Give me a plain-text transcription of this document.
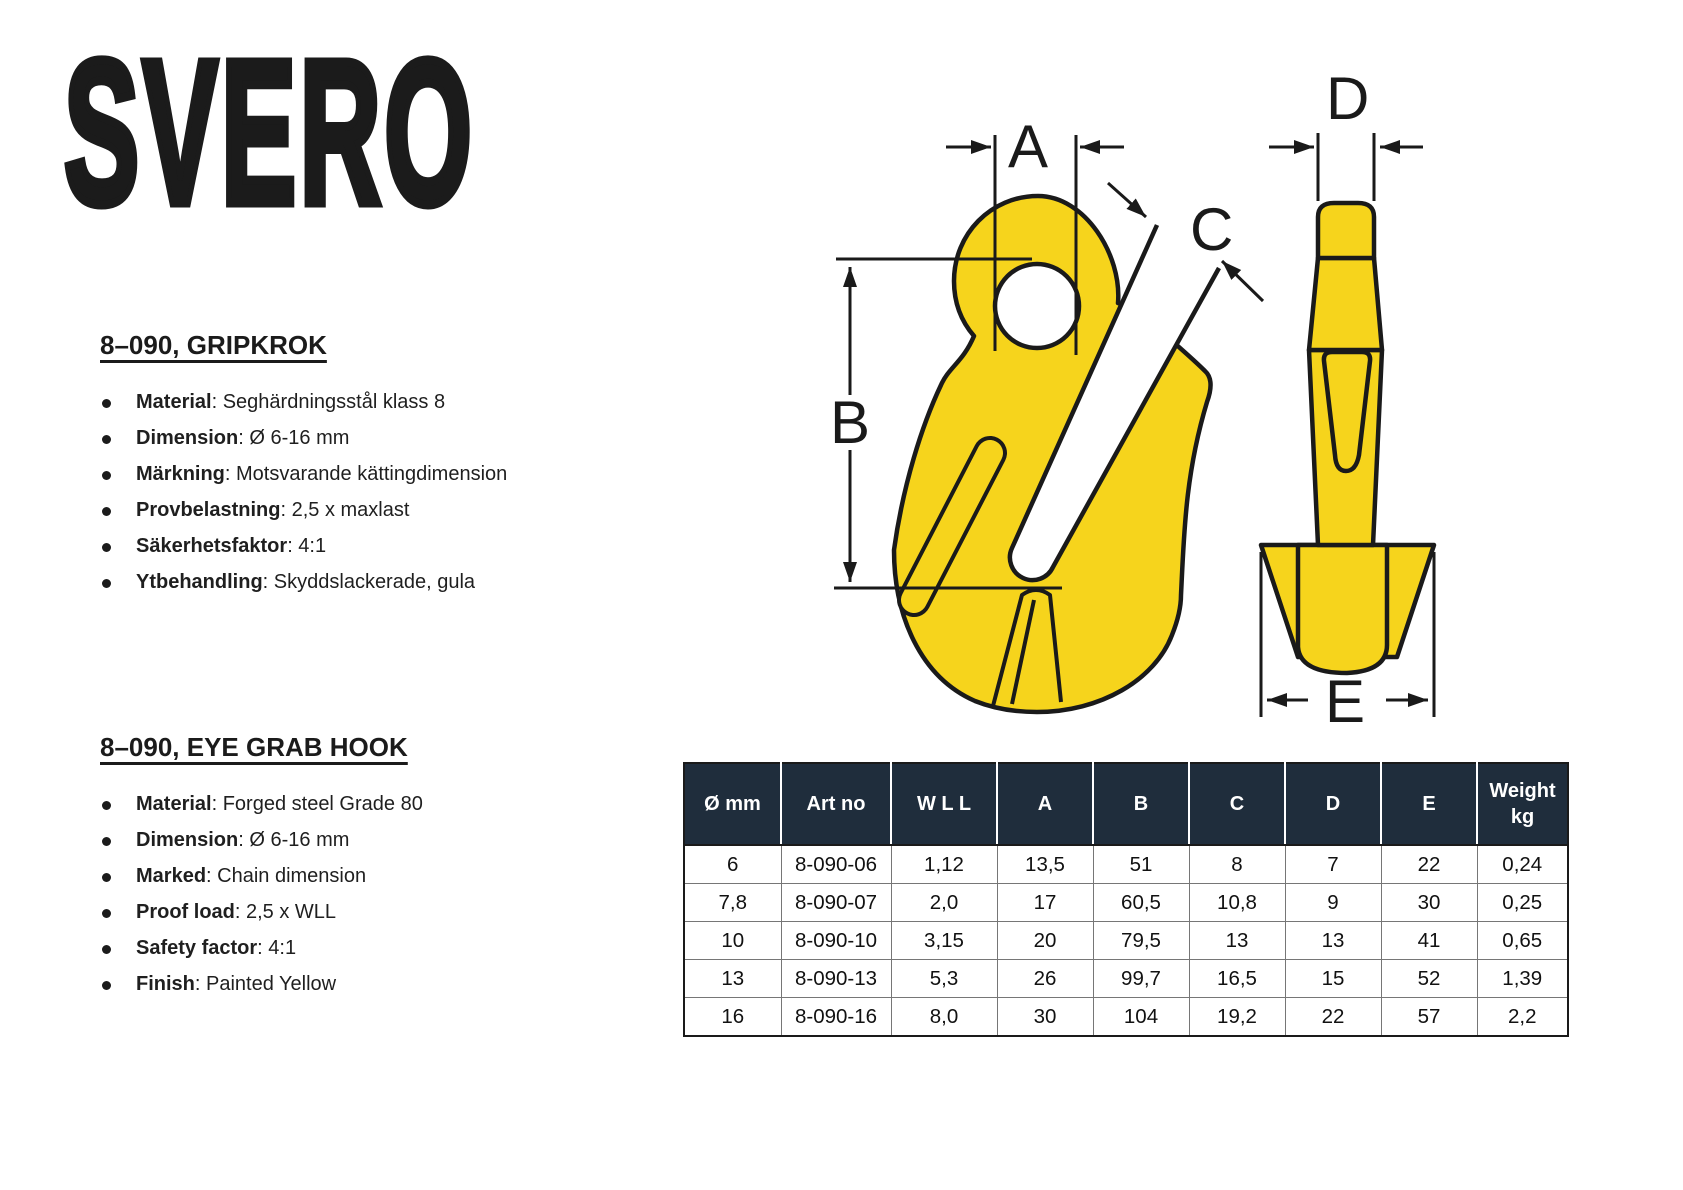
SVERO
8–090, GRIPKROK
Material: Seghärdningsstål klass 8
Dimension: Ø 6-16 mm
Märkning: Motsvarande kättingdimension
Provbelastning: 2,5 x maxlast
Säkerhetsfaktor: 4:1
Ytbehandling: Skyddslackerade, gula
8–090, EYE GRAB HOOK
Material: Forged steel Grade 80
Dimension: Ø 6-16 mm
Marked: Chain dimension
Proof load: 2,5 x WLL
Safety factor: 4:1
Finish: Painted Yellow
A
B
C
D
E
Ø mm	Art no	W L L	A	B	C	D	E	Weight kg
6	8-090-06	1,12	13,5	51	8	7	22	0,24
7,8	8-090-07	2,0	17	60,5	10,8	9	30	0,25
10	8-090-10	3,15	20	79,5	13	13	41	0,65
13	8-090-13	5,3	26	99,7	16,5	15	52	1,39
16	8-090-16	8,0	30	104	19,2	22	57	2,2
